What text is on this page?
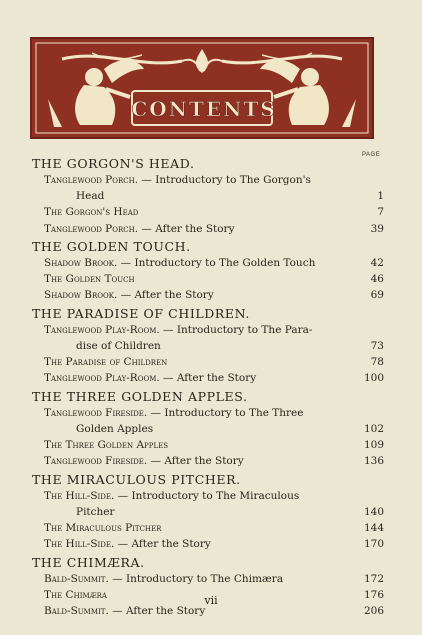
CONTENTS
PAGE
THE GORGON'S HEAD.
Tanglewood Porch. — Introductory to The Gorgon's
Head	1
The Gorgon's Head	7
Tanglewood Porch. — After the Story	39
THE GOLDEN TOUCH.
Shadow Brook. — Introductory to The Golden Touch	42
The Golden Touch	46
Shadow Brook. — After the Story	69
THE PARADISE OF CHILDREN.
Tanglewood Play-Room. — Introductory to The Para-
dise of Children	73
The Paradise of Children	78
Tanglewood Play-Room. — After the Story	100
THE THREE GOLDEN APPLES.
Tanglewood Fireside. — Introductory to The Three
Golden Apples	102
The Three Golden Apples	109
Tanglewood Fireside. — After the Story	136
THE MIRACULOUS PITCHER.
The Hill-Side. — Introductory to The Miraculous
Pitcher	140
The Miraculous Pitcher	144
The Hill-Side. — After the Story	170
THE CHIMÆRA.
Bald-Summit. — Introductory to The Chimæra	172
The Chimæra	176
Bald-Summit. — After the Story	206
vii
